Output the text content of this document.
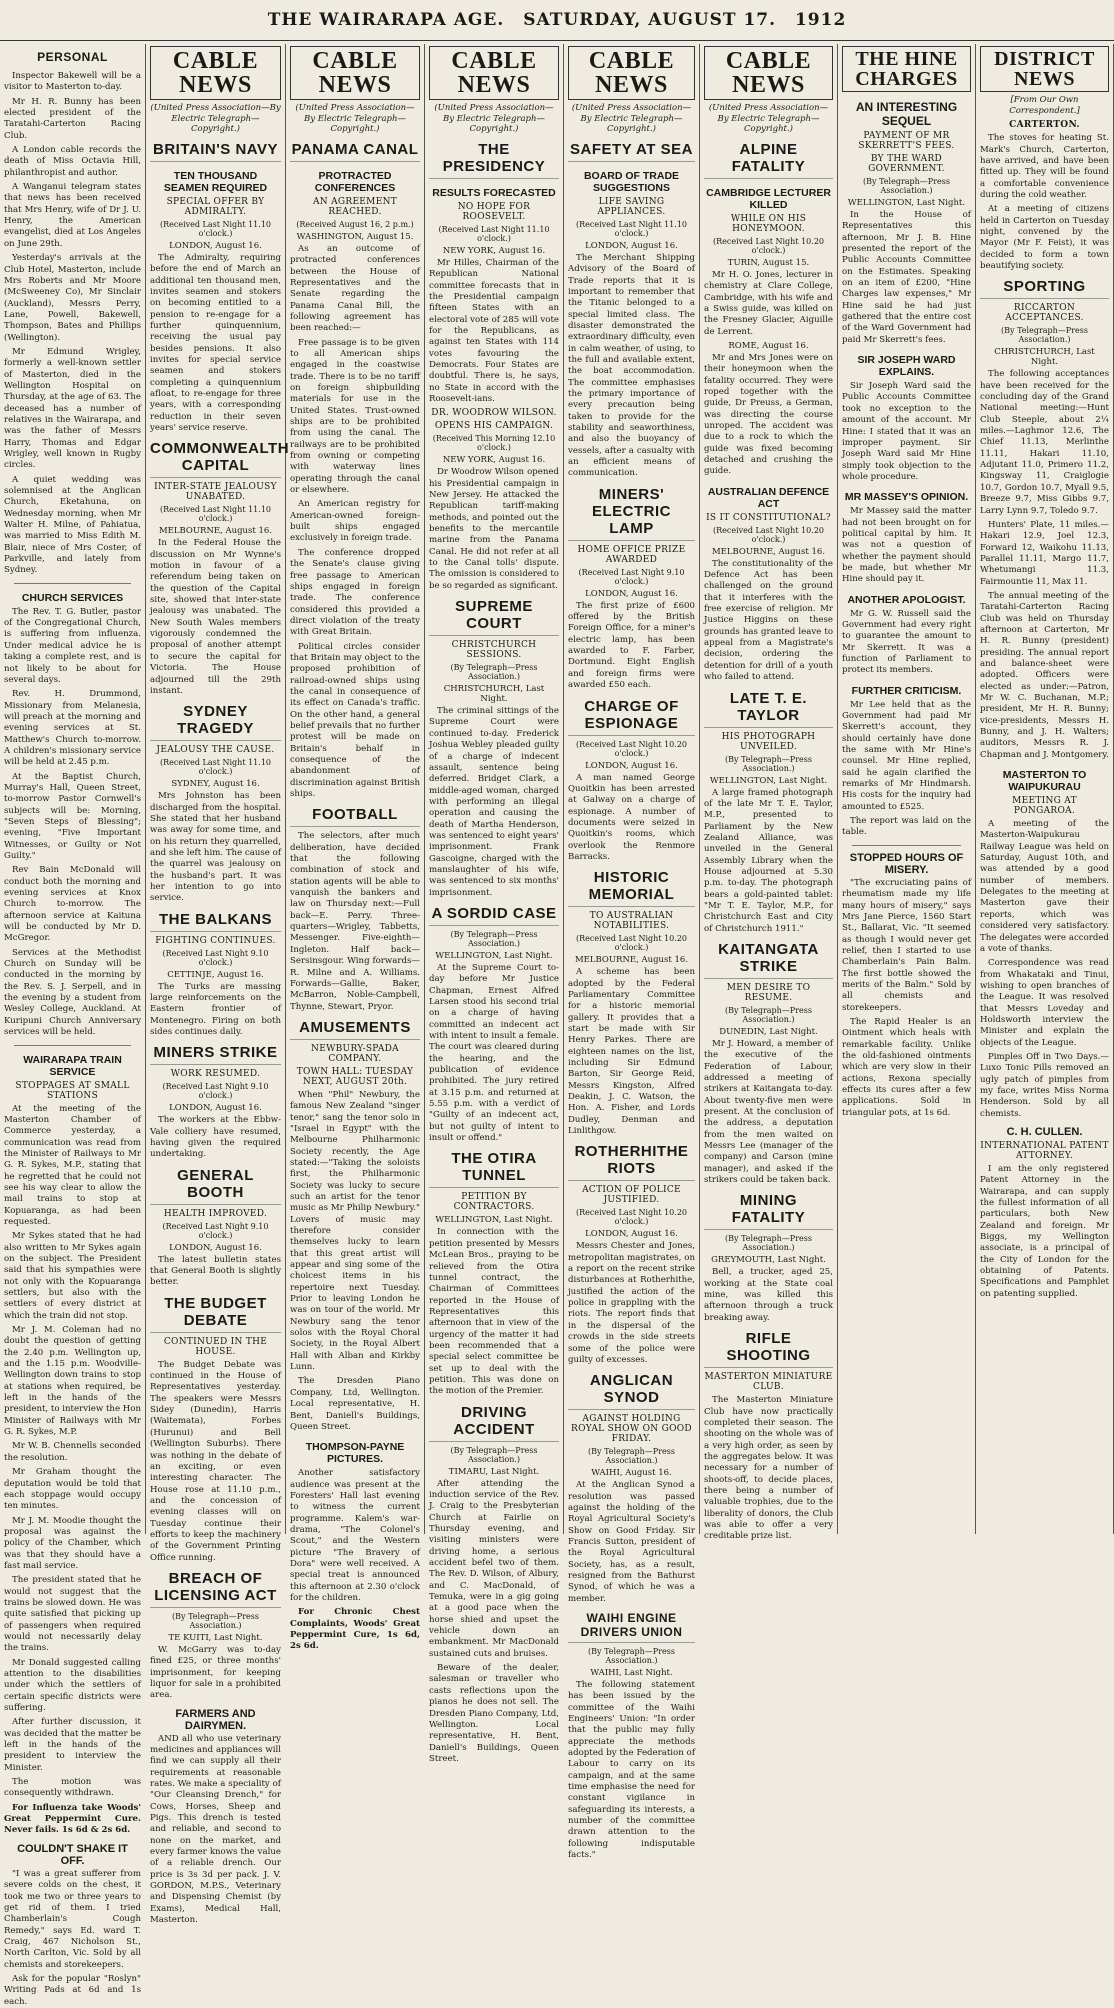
THE WAIRARAPA AGE. SATURDAY, AUGUST 17. 1912
PERSONAL

Inspector Bakewell will be a visitor to Masterton to-day.

Mr H. R. Bunny has been elected president of the Taratahi-Carterton Racing Club.

A London cable records the death of Miss Octavia Hill, philanthropist and author.

A Wanganui telegram states that news has been received that Mrs Henry, wife of Dr J. U. Henry, the American evangelist, died at Los Angeles on June 29th.

Yesterday's arrivals at the Club Hotel, Masterton, include Mrs Roberts and Mr Moore (McSweeney Co), Mr Sinclair (Auckland), Messrs Perry, Lane, Powell, Bakewell, Thompson, Bates and Phillips (Wellington).

Mr Edmund Wrigley, formerly a well-known settler of Masterton, died in the Wellington Hospital on Thursday, at the age of 63. The deceased has a number of relatives in the Wairarapa, and was the father of Messrs Harry, Thomas and Edgar Wrigley, well known in Rugby circles.

A quiet wedding was solemnised at the Anglican Church, Eketahuna, on Wednesday morning, when Mr Walter H. Milne, of Pahiatua, was married to Miss Edith M. Blair, niece of Mrs Coster, of Parkville, and lately from Sydney.

CHURCH SERVICES

The Rev. T. G. Butler, pastor of the Congregational Church, is suffering from influenza. Under medical advice he is taking a complete rest, and is not likely to be about for several days.

Rev. H. Drummond, Missionary from Melanesia, will preach at the morning and evening services at St. Matthew's Church to-morrow. A children's missionary service will be held at 2.45 p.m.

At the Baptist Church, Murray's Hall, Queen Street, to-morrow Pastor Cornwell's subjects will be: Morning, "Seven Steps of Blessing"; evening, "Five Important Witnesses, or Guilty or Not Guilty."

Rev Bain McDonald will conduct both the morning and evening services at Knox Church to-morrow. The afternoon service at Kaituna will be conducted by Mr D. McGregor.

Services at the Methodist Church on Sunday will be conducted in the morning by the Rev. S. J. Serpell, and in the evening by a student from Wesley College, Auckland. At Kuripuni Church Anniversary services will be held.

WAIRARAPA TRAIN SERVICE
STOPPAGES AT SMALL STATIONS

At the meeting of the Masterton Chamber of Commerce yesterday, a communication was read from the Minister of Railways to Mr G. R. Sykes, M.P., stating that he regretted that he could not see his way clear to allow the mail trains to stop at Kopuaranga, as had been requested.

Mr Sykes stated that he had also written to Mr Sykes again on the subject. The President said that his sympathies were not only with the Kopuaranga settlers, but also with the settlers of every district at which the train did not stop.

Mr J. M. Coleman had no doubt the question of getting the 2.40 p.m. Wellington up, and the 1.15 p.m. Woodville-Wellington down trains to stop at stations when required, be left in the hands of the president, to interview the Hon Minister of Railways with Mr G. R. Sykes, M.P.

Mr W. B. Chennells seconded the resolution.

Mr Graham thought the deputation would be told that each stoppage would occupy ten minutes.

Mr J. M. Moodie thought the proposal was against the policy of the Chamber, which was that they should have a fast mail service.

The president stated that he would not suggest that the trains be slowed down. He was quite satisfied that picking up of passengers when required would not necessarily delay the trains.

Mr Donald suggested calling attention to the disabilities under which the settlers of certain specific districts were suffering.

After further discussion, it was decided that the matter be left in the hands of the president to interview the Minister.

The motion was consequently withdrawn.

For Influenza take Woods' Great Peppermint Cure. Never fails. 1s 6d & 2s 6d.

COULDN'T SHAKE IT OFF.

"I was a great sufferer from severe colds on the chest, it took me two or three years to get rid of them. I tried Chamberlain's Cough Remedy," says Ed. ward T. Craig, 467 Nicholson St., North Carlton, Vic. Sold by all chemists and storekeepers.

Ask for the popular "Roslyn" Writing Pads at 6d and 1s each.

CABLE NEWS
(United Press Association—By Electric Telegraph—Copyright.)
BRITAIN'S NAVY
TEN THOUSAND SEAMEN REQUIRED
SPECIAL OFFER BY ADMIRALTY.
(Received Last Night 11.10 o'clock.)
LONDON, August 16.

The Admiralty, requiring before the end of March an additional ten thousand men, invites seamen and stokers on becoming entitled to a pension to re-engage for a further quinquennium, receiving the usual pay besides pensions. It also invites for special service seamen and stokers completing a quinquennium afloat, to re-engage for three years, with a corresponding reduction in their seven years' service reserve.

COMMONWEALTH CAPITAL
INTER-STATE JEALOUSY UNABATED.
(Received Last Night 11.10 o'clock.)
MELBOURNE, August 16.

In the Federal House the discussion on Mr Wynne's motion in favour of a referendum being taken on the question of the Capital site, showed that inter-state jealousy was unabated. The New South Wales members vigorously condemned the proposal of another attempt to secure the capital for Victoria. The House adjourned till the 29th instant.

SYDNEY TRAGEDY
JEALOUSY THE CAUSE.
(Received Last Night 11.10 o'clock.)
SYDNEY, August 16.

Mrs Johnston has been discharged from the hospital. She stated that her husband was away for some time, and on his return they quarrelled, and she left him. The cause of the quarrel was jealousy on the husband's part. It was her intention to go into service.

THE BALKANS
FIGHTING CONTINUES.
(Received Last Night 9.10 o'clock.)
CETTINJE, August 16.

The Turks are massing large reinforcements on the Eastern frontier of Montenegro. Firing on both sides continues daily.

MINERS STRIKE
WORK RESUMED.
(Received Last Night 9.10 o'clock.)
LONDON, August 16.

The workers at the Ebbw-Vale colliery have resumed, having given the required undertaking.

GENERAL BOOTH
HEALTH IMPROVED.
(Received Last Night 9.10 o'clock.)
LONDON, August 16.

The latest bulletin states that General Booth is slightly better.

THE BUDGET DEBATE
CONTINUED IN THE HOUSE.

The Budget Debate was continued in the House of Representatives yesterday. The speakers were Messrs Sidey (Dunedin), Harris (Waitemata), Forbes (Hurunui) and Bell (Wellington Suburbs). There was nothing in the debate of an exciting, or even interesting character. The House rose at 11.10 p.m., and the concession of evening classes will on Tuesday continue their efforts to keep the machinery of the Government Printing Office running.

BREACH OF LICENSING ACT
(By Telegraph—Press Association.)
TE KUITI, Last Night.

W. McGarry was to-day fined £25, or three months' imprisonment, for keeping liquor for sale in a prohibited area.

FARMERS AND DAIRYMEN.

AND all who use veterinary medicines and appliances will find we can supply all their requirements at reasonable rates. We make a speciality of "Our Cleansing Drench," for Cows, Horses, Sheep and Pigs. This drench is tested and reliable, and second to none on the market, and every farmer knows the value of a reliable drench. Our price is 3s 3d per pack. J. V. GORDON, M.P.S., Veterinary and Dispensing Chemist (by Exams), Medical Hall, Masterton.

CABLE NEWS
(United Press Association—By Electric Telegraph—Copyright.)
PANAMA CANAL
PROTRACTED CONFERENCES
AN AGREEMENT REACHED.
(Received August 16, 2 p.m.)
WASHINGTON, August 15.

As an outcome of protracted conferences between the House of Representatives and the Senate regarding the Panama Canal Bill, the following agreement has been reached:—

Free passage is to be given to all American ships engaged in the coastwise trade. There is to be no tariff on foreign shipbuilding materials for use in the United States. Trust-owned ships are to be prohibited from using the canal. The railways are to be prohibited from owning or competing with waterway lines operating through the canal or elsewhere.

An American registry for American-owned foreign-built ships engaged exclusively in foreign trade.

The conference dropped the Senate's clause giving free passage to American ships engaged in foreign trade. The conference considered this provided a direct violation of the treaty with Great Britain.

Political circles consider that Britain may object to the proposed prohibition of railroad-owned ships using the canal in consequence of its effect on Canada's traffic. On the other hand, a general belief prevails that no further protest will be made on Britain's behalf in consequence of the abandonment of discrimination against British ships.

FOOTBALL

The selectors, after much deliberation, have decided that the following combination of stock and station agents will be able to vanquish the bankers and law on Thursday next:—Full back—E. Perry. Three-quarters—Wrigley, Tabbetts, Messenger. Five-eighth—Ingleton. Half back—Sersinsgour. Wing forwards—R. Milne and A. Williams. Forwards—Gallie, Baker, McBarron, Noble-Campbell, Thynne, Stewart, Pryor.

AMUSEMENTS
NEWBURY-SPADA COMPANY.
TOWN HALL: TUESDAY NEXT, AUGUST 20th.

When "Phil" Newbury, the famous New Zealand "singer tenor," sang the tenor solo in "Israel in Egypt" with the Melbourne Philharmonic Society recently, the Age stated:—"Taking the soloists first, the Philharmonic Society was lucky to secure such an artist for the tenor music as Mr Philip Newbury." Lovers of music may therefore consider themselves lucky to learn that this great artist will appear and sing some of the choicest items in his repertoire next Tuesday. Prior to leaving London he was on tour of the world. Mr Newbury sang the tenor solos with the Royal Choral Society, in the Royal Albert Hall with Alban and Kirkby Lunn.

The Dresden Piano Company, Ltd, Wellington. Local representative, H. Bent, Daniell's Buildings, Queen Street.

THOMPSON-PAYNE PICTURES.

Another satisfactory audience was present at the Foresters' Hall last evening to witness the current programme. Kalem's war-drama, "The Colonel's Scout," and the Western picture "The Bravery of Dora" were well received. A special treat is announced this afternoon at 2.30 o'clock for the children.

For Chronic Chest Complaints, Woods' Great Peppermint Cure, 1s 6d, 2s 6d.

CABLE NEWS
(United Press Association—By Electric Telegraph—Copyright.)
THE PRESIDENCY
RESULTS FORECASTED
NO HOPE FOR ROOSEVELT.
(Received Last Night 11.10 o'clock.)
NEW YORK, August 16.

Mr Hilles, Chairman of the Republican National committee forecasts that in the Presidential campaign fifteen States with an electoral vote of 285 will vote for the Republicans, as against ten States with 114 votes favouring the Democrats. Four States are doubtful. There is, he says, no State in accord with the Roosevelt-ians.

DR. WOODROW WILSON.
OPENS HIS CAMPAIGN.
(Received This Morning 12.10 o'clock.)
NEW YORK, August 16.

Dr Woodrow Wilson opened his Presidential campaign in New Jersey. He attacked the Republican tariff-making methods, and pointed out the benefits to the mercantile marine from the Panama Canal. He did not refer at all to the Canal tolls' dispute. The omission is considered to be so regarded as significant.

SUPREME COURT
CHRISTCHURCH SESSIONS.
(By Telegraph—Press Association.)
CHRISTCHURCH, Last Night.

The criminal sittings of the Supreme Court were continued to-day. Frederick Joshua Webley pleaded guilty of a charge of indecent assault, sentence being deferred. Bridget Clark, a middle-aged woman, charged with performing an illegal operation and causing the death of Martha Henderson, was sentenced to eight years' imprisonment. Frank Gascoigne, charged with the manslaughter of his wife, was sentenced to six months' imprisonment.

A SORDID CASE
(By Telegraph—Press Association.)
WELLINGTON, Last Night.

At the Supreme Court to-day before Mr Justice Chapman, Ernest Alfred Larsen stood his second trial on a charge of having committed an indecent act with intent to insult a female. The court was cleared during the hearing, and the publication of evidence prohibited. The jury retired at 3.15 p.m. and returned at 5.55 p.m. with a verdict of "Guilty of an indecent act, but not guilty of intent to insult or offend."

THE OTIRA TUNNEL
PETITION BY CONTRACTORS.
WELLINGTON, Last Night.

In connection with the petition presented by Messrs McLean Bros., praying to be relieved from the Otira tunnel contract, the Chairman of Committees reported in the House of Representatives this afternoon that in view of the urgency of the matter it had been recommended that a special select committee be set up to deal with the petition. This was done on the motion of the Premier.

DRIVING ACCIDENT
(By Telegraph—Press Association.)
TIMARU, Last Night.

After attending the induction service of the Rev. J. Craig to the Presbyterian Church at Fairlie on Thursday evening, and visiting ministers were driving home, a serious accident befel two of them. The Rev. D. Wilson, of Albury, and C. MacDonald, of Temuka, were in a gig going at a good pace when the horse shied and upset the vehicle down an embankment. Mr MacDonald sustained cuts and bruises.

Beware of the dealer, salesman or traveller who casts reflections upon the pianos he does not sell. The Dresden Piano Company, Ltd, Wellington. Local representative, H. Bent, Daniell's Buildings, Queen Street.

CABLE NEWS
(United Press Association—By Electric Telegraph—Copyright.)
SAFETY AT SEA
BOARD OF TRADE SUGGESTIONS
LIFE SAVING APPLIANCES.
(Received Last Night 11.10 o'clock.)
LONDON, August 16.

The Merchant Shipping Advisory of the Board of Trade reports that it is important to remember that the Titanic belonged to a special limited class. The disaster demonstrated the extraordinary difficulty, even in calm weather, of using, to the full and available extent, the boat accommodation. The committee emphasises the primary importance of every precaution being taken to provide for the stability and seaworthiness, and also the buoyancy of vessels, after a casualty with an efficient means of communication.

MINERS' ELECTRIC LAMP
HOME OFFICE PRIZE AWARDED
(Received Last Night 9.10 o'clock.)
LONDON, August 16.

The first prize of £600 offered by the British Foreign Office, for a miner's electric lamp, has been awarded to F. Farber, Dortmund. Eight English and foreign firms were awarded £50 each.

CHARGE OF ESPIONAGE
(Received Last Night 10.20 o'clock.)
LONDON, August 16.

A man named George Quoitkin has been arrested at Galway on a charge of espionage. A number of documents were seized in Quoitkin's rooms, which overlook the Renmore Barracks.

HISTORIC MEMORIAL
TO AUSTRALIAN NOTABILITIES.
(Received Last Night 10.20 o'clock.)
MELBOURNE, August 16.

A scheme has been adopted by the Federal Parliamentary Committee for a historic memorial gallery. It provides that a start be made with Sir Henry Parkes. There are eighteen names on the list, including Sir Edmund Barton, Sir George Reid, Messrs Kingston, Alfred Deakin, J. C. Watson, the Hon. A. Fisher, and Lords Dudley, Denman and Linlithgow.

ROTHERHITHE RIOTS
ACTION OF POLICE JUSTIFIED.
(Received Last Night 10.20 o'clock.)
LONDON, August 16.

Messrs Chester and Jones, metropolitan magistrates, on a report on the recent strike disturbances at Rotherhithe, justified the action of the police in grappling with the riots. The report finds that in the dispersal of the crowds in the side streets some of the police were guilty of excesses.

ANGLICAN SYNOD
AGAINST HOLDING ROYAL SHOW ON GOOD FRIDAY.
(By Telegraph—Press Association.)
WAIHI, August 16.

At the Anglican Synod a resolution was passed against the holding of the Royal Agricultural Society's Show on Good Friday. Sir Francis Sutton, president of the Royal Agricultural Society, has, as a result, resigned from the Bathurst Synod, of which he was a member.

WAIHI ENGINE DRIVERS UNION
(By Telegraph—Press Association.)
WAIHI, Last Night.

The following statement has been issued by the committee of the Waihi Engineers' Union: "In order that the public may fully appreciate the methods adopted by the Federation of Labour to carry on its campaign, and at the same time emphasise the need for constant vigilance in safeguarding its interests, a number of the committee drawn attention to the following indisputable facts."

CABLE NEWS
(United Press Association—By Electric Telegraph—Copyright.)
ALPINE FATALITY
CAMBRIDGE LECTURER KILLED
WHILE ON HIS HONEYMOON.
(Received Last Night 10.20 o'clock.)
TURIN, August 15.

Mr H. O. Jones, lecturer in chemistry at Clare College, Cambridge, with his wife and a Swiss guide, was killed on the Fresney Glacier, Aiguille de Lerrent.

ROME, August 16.

Mr and Mrs Jones were on their honeymoon when the fatality occurred. They were roped together with the guide, Dr Preuss, a German, was directing the course unroped. The accident was due to a rock to which the guide was fixed becoming detached and crushing the guide.

AUSTRALIAN DEFENCE ACT
IS IT CONSTITUTIONAL?
(Received Last Night 10.20 o'clock.)
MELBOURNE, August 16.

The constitutionality of the Defence Act has been challenged on the ground that it interferes with the free exercise of religion. Mr Justice Higgins on these grounds has granted leave to appeal from a Magistrate's decision, ordering the detention for drill of a youth who failed to attend.

LATE T. E. TAYLOR
HIS PHOTOGRAPH UNVEILED.
(By Telegraph—Press Association.)
WELLINGTON, Last Night.

A large framed photograph of the late Mr T. E. Taylor, M.P., presented to Parliament by the New Zealand Alliance, was unveiled in the General Assembly Library when the House adjourned at 5.30 p.m. to-day. The photograph bears a gold-painted tablet: "Mr T. E. Taylor, M.P., for Christchurch East and City of Christchurch 1911."

KAITANGATA STRIKE
MEN DESIRE TO RESUME.
(By Telegraph—Press Association.)
DUNEDIN, Last Night.

Mr J. Howard, a member of the executive of the Federation of Labour, addressed a meeting of strikers at Kaitangata to-day. About twenty-five men were present. At the conclusion of the address, a deputation from the men waited on Messrs Lee (manager of the company) and Carson (mine manager), and asked if the strikers could be taken back.

MINING FATALITY
(By Telegraph—Press Association.)
GREYMOUTH, Last Night.

Bell, a trucker, aged 25, working at the State coal mine, was killed this afternoon through a truck breaking away.

RIFLE SHOOTING
MASTERTON MINIATURE CLUB.

The Masterton Miniature Club have now practically completed their season. The shooting on the whole was of a very high order, as seen by the aggregates below. It was necessary for a number of shoots-off, to decide places, there being a number of valuable trophies, due to the liberality of donors, the Club was able to offer a very creditable prize list.

THE HINE CHARGES
AN INTERESTING SEQUEL
PAYMENT OF MR SKERRETT'S FEES.
BY THE WARD GOVERNMENT.
(By Telegraph—Press Association.)
WELLINGTON, Last Night.

In the House of Representatives this afternoon, Mr J. B. Hine presented the report of the Public Accounts Committee on the Estimates. Speaking on an item of £200, "Hine Charges law expenses," Mr Hine said he had just gathered that the entire cost of the Ward Government had paid Mr Skerrett's fees.

SIR JOSEPH WARD EXPLAINS.

Sir Joseph Ward said the Public Accounts Committee took no exception to the amount of the account. Mr Hine: I stated that it was an improper payment. Sir Joseph Ward said Mr Hine simply took objection to the whole procedure.

MR MASSEY'S OPINION.

Mr Massey said the matter had not been brought on for political capital by him. It was not a question of whether the payment should be made, but whether Mr Hine should pay it.

ANOTHER APOLOGIST.

Mr G. W. Russell said the Government had every right to guarantee the amount to Mr Skerrett. It was a function of Parliament to protect its members.

FURTHER CRITICISM.

Mr Lee held that as the Government had paid Mr Skerrett's account, they should certainly have done the same with Mr Hine's counsel. Mr Hine replied, said he again clarified the remarks of Mr Hindmarsh. His costs for the inquiry had amounted to £525.

The report was laid on the table.

STOPPED HOURS OF MISERY.

"The excruciating pains of rheumatism made my life many hours of misery," says Mrs Jane Pierce, 1560 Start St., Ballarat, Vic. "It seemed as though I would never get relief, then I started to use Chamberlain's Pain Balm. The first bottle showed the merits of the Balm." Sold by all chemists and storekeepers.

The Rapid Healer is an Ointment which heals with remarkable facility. Unlike the old-fashioned ointments which are very slow in their actions, Rexona specially effects its cures after a few applications. Sold in triangular pots, at 1s 6d.

DISTRICT NEWS
[From Our Own Correspondent.]
CARTERTON.

The stoves for heating St. Mark's Church, Carterton, have arrived, and have been fitted up. They will be found a comfortable convenience during the cold weather.

At a meeting of citizens held in Carterton on Tuesday night, convened by the Mayor (Mr F. Feist), it was decided to form a town beautifying society.

SPORTING
RICCARTON ACCEPTANCES.
(By Telegraph—Press Association.)
CHRISTCHURCH, Last Night.

The following acceptances have been received for the concluding day of the Grand National meeting:—Hunt Club Steeple, about 2¼ miles.—Laghmor 12.6, The Chief 11.13, Merlinthe 11.11, Hakari 11.10, Adjutant 11.0, Primero 11.2, Kingsway 11, Craiglogie 10.7, Gordon 10.7, Myall 9.5, Breeze 9.7, Miss Gibbs 9.7, Larry Lynn 9.7, Toledo 9.7.

Hunters' Plate, 11 miles.—Hakari 12.9, Joel 12.3, Forward 12, Waikohu 11.13, Parallel 11.11, Margo 11.7, Whetumangi 11.3, Fairmountie 11, Max 11.

The annual meeting of the Taratahi-Carterton Racing Club was held on Thursday afternoon at Carterton, Mr H. R. Bunny (president) presiding. The annual report and balance-sheet were adopted. Officers were elected as under:—Patron, Mr W. C. Buchanan, M.P.; president, Mr H. R. Bunny; vice-presidents, Messrs H. Bunny, and J. H. Walters; auditors, Messrs R. J. Chapman and J. Montgomery.

MASTERTON TO WAIPUKURAU
MEETING AT PONGAROA.

A meeting of the Masterton-Waipukurau Railway League was held on Saturday, August 10th, and was attended by a good number of members. Delegates to the meeting at Masterton gave their reports, which was considered very satisfactory. The delegates were accorded a vote of thanks.

Correspondence was read from Whakataki and Tinui, wishing to open branches of the League. It was resolved that Messrs Loveday and Holdsworth interview the Minister and explain the objects of the League.

Pimples Off in Two Days.—Luxo Tonic Pills removed an ugly patch of pimples from my face, writes Miss Norma Henderson. Sold by all chemists.

C. H. CULLEN.
INTERNATIONAL PATENT ATTORNEY.

I am the only registered Patent Attorney in the Wairarapa, and can supply the fullest information of all particulars, both New Zealand and foreign. Mr Biggs, my Wellington associate, is a principal of the City of London for the obtaining of Patents. Specifications and Pamphlet on patenting supplied.
